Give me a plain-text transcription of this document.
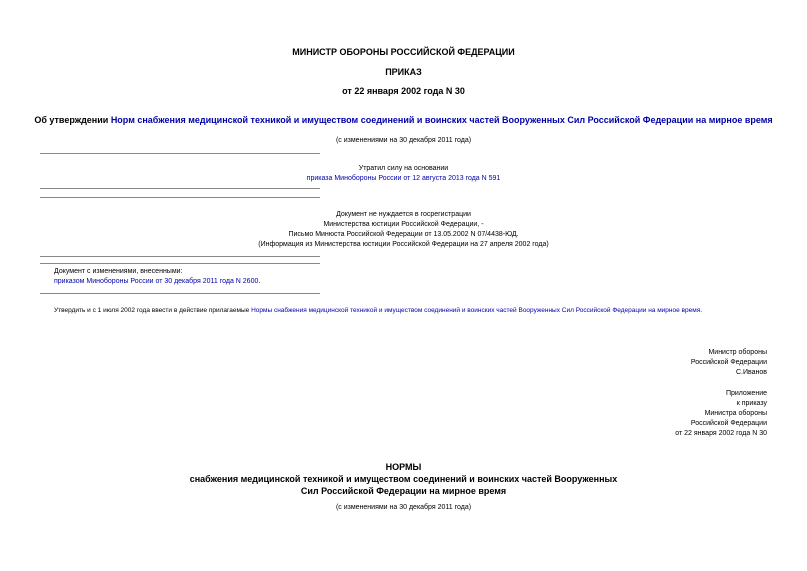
МИНИСТР ОБОРОНЫ РОССИЙСКОЙ ФЕДЕРАЦИИ
ПРИКАЗ
от 22 января 2002 года N 30
Об утверждении Норм снабжения медицинской техникой и имуществом соединений и воинских частей Вооруженных Сил Российской Федерации на мирное время
(с изменениями на 30 декабря 2011 года)
Утратил силу на основании
приказа Минобороны России от 12 августа 2013 года N 591
Документ не нуждается в госрегистрации
Министерства юстиции Российской Федерации, -
Письмо Минюста Российской Федерации от 13.05.2002 N 07/4438-ЮД.
(Информация из Министерства юстиции Российской Федерации на 27 апреля 2002 года)
Документ с изменениями, внесенными:
приказом Минобороны России от 30 декабря 2011 года N 2600.
Утвердить и с 1 июля 2002 года ввести в действие прилагаемые Нормы снабжения медицинской техникой и имуществом соединений и воинских частей Вооруженных Сил Российской Федерации на мирное время.
Министр обороны
Российской Федерации
С.Иванов
Приложение
к приказу
Министра обороны
Российской Федерации
от 22 января 2002 года N 30
НОРМЫ
снабжения медицинской техникой и имуществом соединений и воинских частей Вооруженных
Сил Российской Федерации на мирное время
(с изменениями на 30 декабря 2011 года)
